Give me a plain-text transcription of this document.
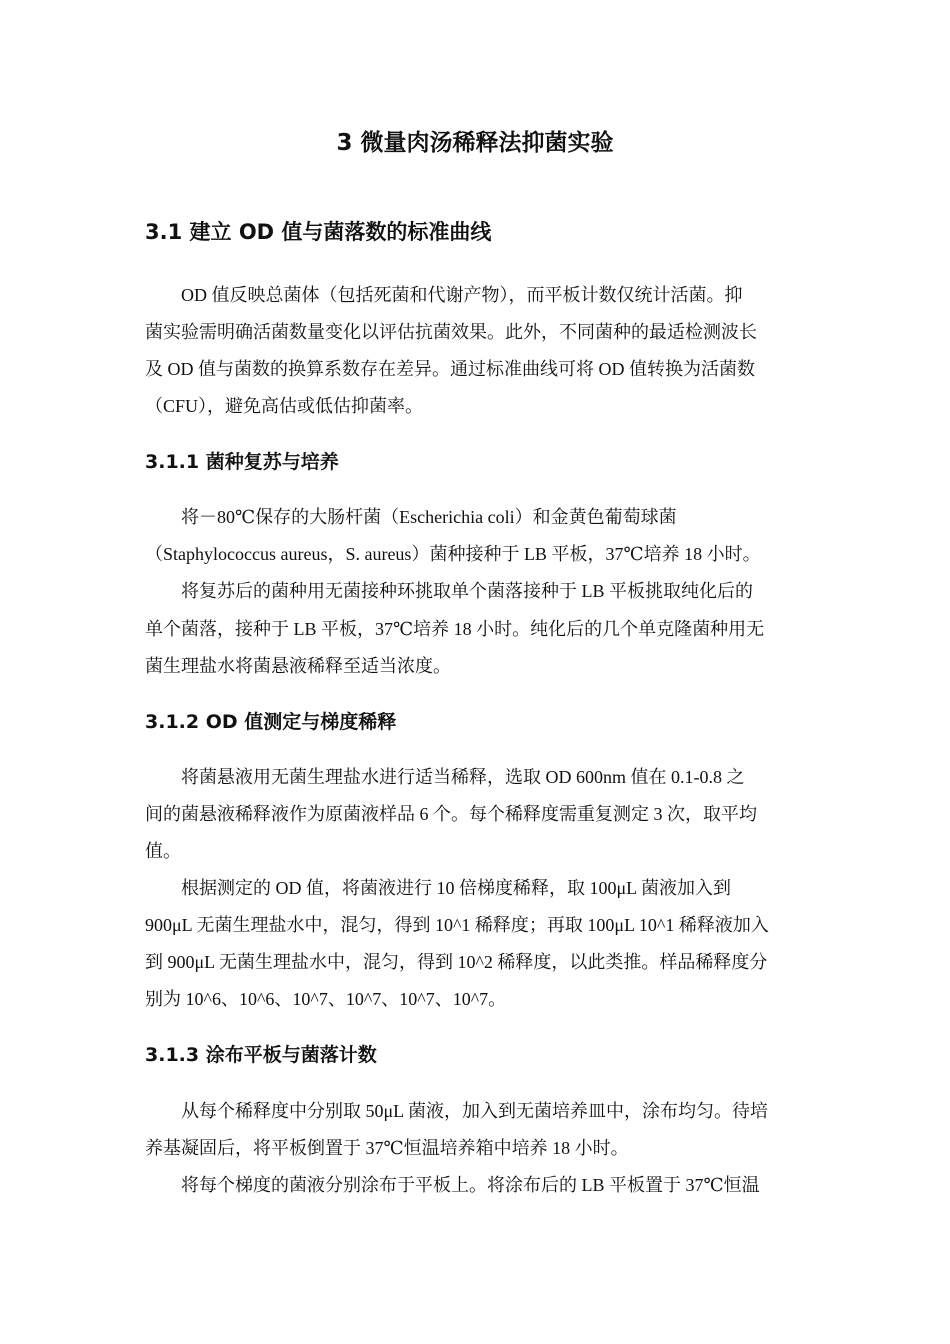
3 微量肉汤稀释法抑菌实验
3.1 建立 OD 值与菌落数的标准曲线
OD 值反映总菌体（包括死菌和代谢产物），而平板计数仅统计活菌。抑
菌实验需明确活菌数量变化以评估抗菌效果。此外，不同菌种的最适检测波长
及 OD 值与菌数的换算系数存在差异。通过标准曲线可将 OD 值转换为活菌数
（CFU），避免高估或低估抑菌率。
3.1.1 菌种复苏与培养
将－80℃保存的大肠杆菌（Escherichia coli）和金黄色葡萄球菌
（Staphylococcus aureus，S. aureus）菌种接种于 LB 平板，37℃培养 18 小时。
将复苏后的菌种用无菌接种环挑取单个菌落接种于 LB 平板挑取纯化后的
单个菌落，接种于 LB 平板，37℃培养 18 小时。纯化后的几个单克隆菌种用无
菌生理盐水将菌悬液稀释至适当浓度。
3.1.2 OD 值测定与梯度稀释
将菌悬液用无菌生理盐水进行适当稀释，选取 OD 600nm 值在 0.1-0.8 之
间的菌悬液稀释液作为原菌液样品 6 个。每个稀释度需重复测定 3 次，取平均
值。
根据测定的 OD 值，将菌液进行 10 倍梯度稀释，取 100μL 菌液加入到
900μL 无菌生理盐水中，混匀，得到 10^1 稀释度；再取 100μL 10^1 稀释液加入
到 900μL 无菌生理盐水中，混匀，得到 10^2 稀释度，以此类推。样品稀释度分
别为 10^6、10^6、10^7、10^7、10^7、10^7。
3.1.3 涂布平板与菌落计数
从每个稀释度中分别取 50μL 菌液，加入到无菌培养皿中，涂布均匀。待培
养基凝固后，将平板倒置于 37℃恒温培养箱中培养 18 小时。
将每个梯度的菌液分别涂布于平板上。将涂布后的 LB 平板置于 37℃恒温
